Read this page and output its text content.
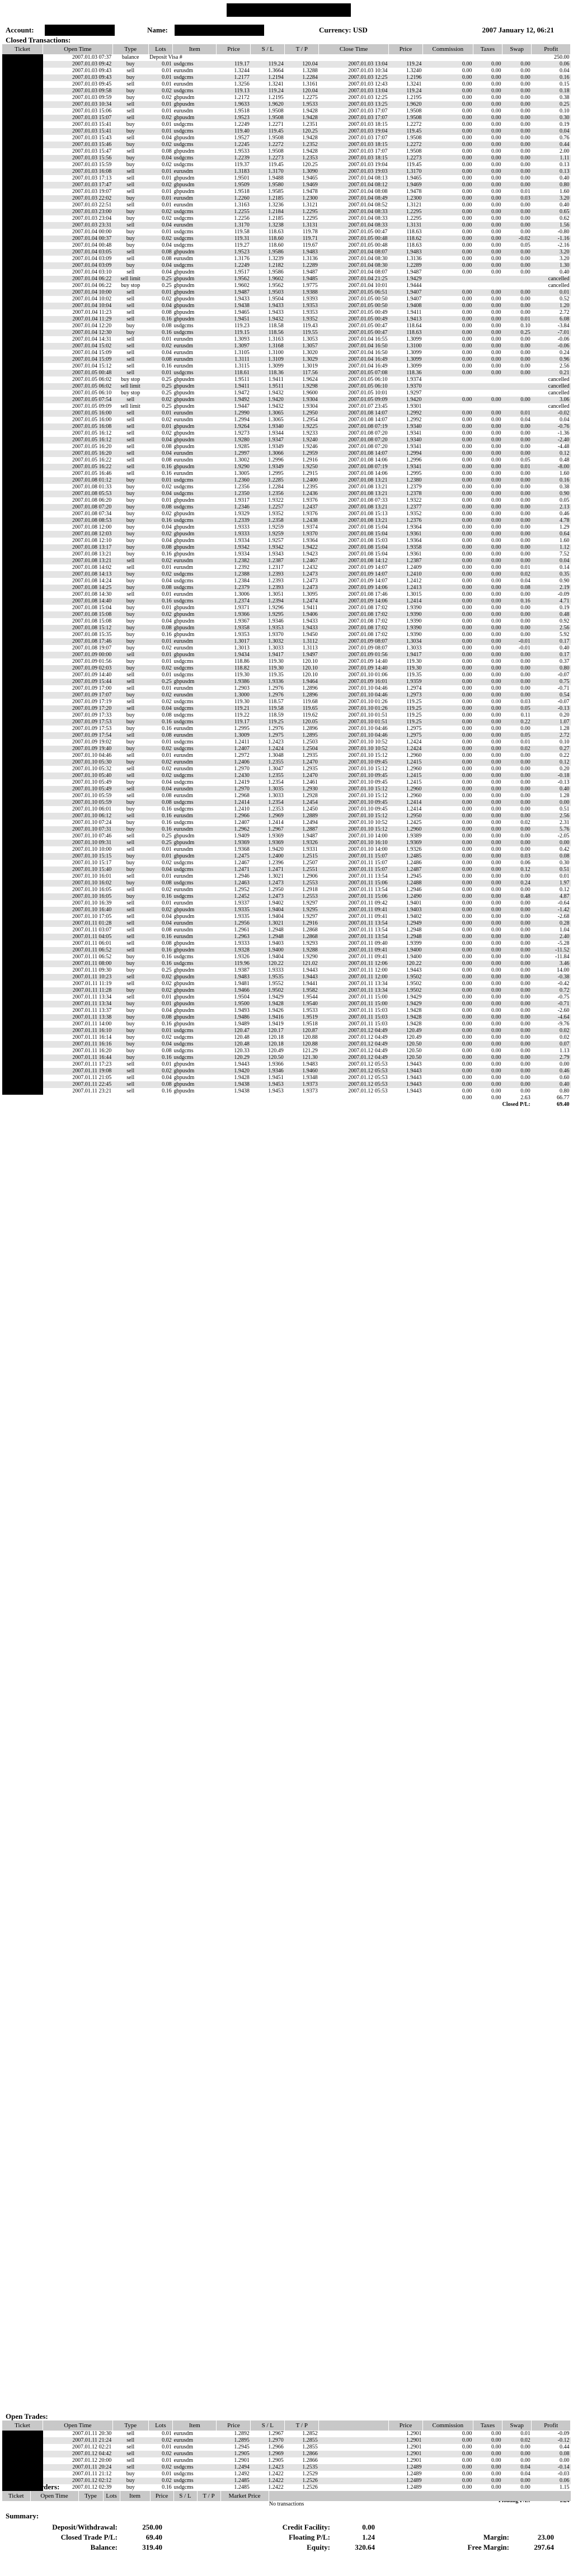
Account:	Name:	Currency: USD	2007 January 12, 06:21
Closed Transactions:
Ticket	Open Time	Type	Lots	Item	Price	S / L	T / P	Close Time	Price	Commission	Taxes	Swap	Profit
	2007.01.03 07:37	balance	Deposit Visa #										250.00
	2007.01.03 09:42	buy	0.01	usdgcms	119.17	119.24	120.04	2007.01.03 13:04	119.24	0.00	0.00	0.00	0.06
	2007.01.03 09:43	sell	0.01	eurusdm	1.3244	1.3664	1.3288	2007.01.03 10:34	1.3240	0.00	0.00	0.00	0.04
	2007.01.03 09:43	buy	0.01	usdgcms	1.2177	1.2194	1.2284	2007.01.03 12:25	1.2196	0.00	0.00	0.00	0.16
	2007.01.03 09:45	sell	0.01	eurusdm	1.3256	1.3241	1.3161	2007.01.03 12:43	1.3241	0.00	0.00	0.00	0.15
	2007.01.03 09:58	buy	0.02	usdgcms	119.13	119.24	120.04	2007.01.03 13:04	119.24	0.00	0.00	0.00	0.18
	2007.01.03 09:59	buy	0.02	gbpusdm	1.2172	1.2195	1.2275	2007.01.03 12:25	1.2195	0.00	0.00	0.00	0.38
	2007.01.03 10:34	sell	0.01	gbpusdm	1.9633	1.9620	1.9533	2007.01.03 13:25	1.9620	0.00	0.00	0.00	0.25
	2007.01.03 15:06	sell	0.01	eurusdm	1.9518	1.9508	1.9428	2007.01.03 17:07	1.9508	0.00	0.00	0.00	0.10
	2007.01.03 15:07	sell	0.02	gbpusdm	1.9523	1.9508	1.9428	2007.01.03 17:07	1.9508	0.00	0.00	0.00	0.30
	2007.01.03 15:41	buy	0.01	usdgcms	1.2249	1.2271	1.2351	2007.01.03 18:15	1.2272	0.00	0.00	0.00	0.19
	2007.01.03 15:41	buy	0.01	usdgcms	119.40	119.45	120.25	2007.01.03 19:04	119.45	0.00	0.00	0.00	0.04
	2007.01.03 15:43	sell	0.04	gbpusdm	1.9527	1.9508	1.9428	2007.01.03 17:07	1.9508	0.00	0.00	0.00	0.76
	2007.01.03 15:46	buy	0.02	usdgcms	1.2245	1.2272	1.2352	2007.01.03 18:15	1.2272	0.00	0.00	0.00	0.44
	2007.01.03 15:47	sell	0.08	gbpusdm	1.9533	1.9508	1.9428	2007.01.03 17:07	1.9508	0.00	0.00	0.00	2.00
	2007.01.03 15:56	buy	0.04	usdgcms	1.2239	1.2273	1.2353	2007.01.03 18:15	1.2273	0.00	0.00	0.00	1.11
	2007.01.03 15:59	buy	0.02	usdgcms	119.37	119.45	120.25	2007.01.03 19:04	119.45	0.00	0.00	0.00	0.13
	2007.01.03 16:08	sell	0.01	eurusdm	1.3183	1.3170	1.3090	2007.01.03 19:03	1.3170	0.00	0.00	0.00	0.13
	2007.01.03 17:13	sell	0.01	gbpusdm	1.9501	1.9488	1.9465	2007.01.04 08:13	1.9465	0.00	0.00	0.00	0.40
	2007.01.03 17:47	sell	0.02	gbpusdm	1.9509	1.9580	1.9469	2007.01.04 08:12	1.9469	0.00	0.00	0.00	0.80
	2007.01.03 19:07	sell	0.01	gbpusdm	1.9518	1.9585	1.9478	2007.01.04 08:08	1.9478	0.00	0.00	0.01	1.60
	2007.01.03 22:02	buy	0.01	eurusdm	1.2260	1.2185	1.2300	2007.01.04 08:49	1.2300	0.00	0.00	0.03	3.20
	2007.01.03 22:51	sell	0.01	eurusdm	1.3163	1.3236	1.3121	2007.01.04 08:52	1.3121	0.00	0.00	0.00	0.40
	2007.01.03 23:00	buy	0.02	usdgcms	1.2255	1.2184	1.2295	2007.01.04 08:33	1.2295	0.00	0.00	0.00	0.65
	2007.01.03 23:04	buy	0.02	usdgcms	1.2256	1.2185	1.2295	2007.01.04 08:33	1.2295	0.00	0.00	0.00	0.62
	2007.01.03 23:31	sell	0.04	eurusdm	1.3170	1.3238	1.3131	2007.01.04 08:33	1.3131	0.00	0.00	0.00	1.56
	2007.01.04 00:00	buy	0.01	usdgcms	119.58	118.63	119.78	2007.01.05 00:47	118.63	0.00	0.00	0.00	-0.80
	2007.01.04 00:37	buy	0.02	usdgcms	119.31	118.60	119.71	2007.01.05 00:48	118.62	0.00	0.00	-0.02	-1.16
	2007.01.04 00:48	buy	0.04	usdgcms	119.27	118.60	119.67	2007.01.05 00:48	118.63	0.00	0.00	0.05	-2.16
	2007.01.04 03:05	sell	0.08	gbpusdm	1.9523	1.9586	1.9483	2007.01.04 08:07	1.9483	0.00	0.00	0.00	3.20
	2007.01.04 03:09	sell	0.08	eurusdm	1.3176	1.3239	1.3136	2007.01.04 08:30	1.3136	0.00	0.00	0.00	3.20
	2007.01.04 03:09	buy	0.04	usdgcms	1.2249	1.2182	1.2289	2007.01.04 08:30	1.2289	0.00	0.00	0.00	1.30
	2007.01.04 03:10	sell	0.04	gbpusdm	1.9517	1.9586	1.9487	2007.01.04 08:07	1.9487	0.00	0.00	0.00	0.40
	2007.01.04 06:22	sell limit	0.25	gbpusdm	1.9562	1.9602	1.9485	2007.01.04 21:25	1.9429				cancelled
	2007.01.04 06:22	buy stop	0.25	gbpusdm	1.9602	1.9562	1.9775	2007.01.04 10:01	1.9444				cancelled
	2007.01.04 10:00	sell	0.01	gbpusdm	1.9487	1.9503	1.9388	2007.01.05 06:51	1.9407	0.00	0.00	0.00	0.01
	2007.01.04 10:02	sell	0.02	gbpusdm	1.9433	1.9504	1.9393	2007.01.05 00:50	1.9407	0.00	0.00	0.00	0.52
	2007.01.04 10:04	sell	0.04	gbpusdm	1.9438	1.9433	1.9353	2007.01.05 00:50	1.9408	0.00	0.00	0.00	1.20
	2007.01.04 11:23	sell	0.08	gbpusdm	1.9465	1.9433	1.9353	2007.01.05 00:49	1.9411	0.00	0.00	0.00	2.72
	2007.01.04 11:29	sell	0.16	gbpusdm	1.9451	1.9432	1.9352	2007.01.05 00:49	1.9413	0.00	0.00	0.01	6.08
	2007.01.04 12:20	buy	0.08	usdgcms	119.23	118.58	119.43	2007.01.05 00:47	118.64	0.00	0.00	0.10	-3.84
	2007.01.04 12:30	buy	0.16	usdgcms	119.15	118.56	119.55	2007.01.05 00:47	118.63	0.00	0.00	0.25	-7.01
	2007.01.04 14:31	sell	0.01	eurusdm	1.3093	1.3163	1.3053	2007.01.04 16:55	1.3099	0.00	0.00	0.00	-0.06
	2007.01.04 15:02	sell	0.02	eurusdm	1.3097	1.3168	1.3057	2007.01.04 16:50	1.3100	0.00	0.00	0.00	-0.06
	2007.01.04 15:09	sell	0.04	eurusdm	1.3105	1.3100	1.3020	2007.01.04 16:50	1.3099	0.00	0.00	0.00	0.24
	2007.01.04 15:09	sell	0.08	eurusdm	1.3111	1.3109	1.3029	2007.01.04 16:49	1.3099	0.00	0.00	0.00	0.96
	2007.01.04 15:12	sell	0.16	eurusdm	1.3115	1.3099	1.3019	2007.01.04 16:49	1.3099	0.00	0.00	0.00	2.56
	2007.01.05 00:48	sell	0.01	usdgcms	118.61	118.36	117.56	2007.01.05 07:08	118.36	0.00	0.00	0.00	0.21
	2007.01.05 06:02	buy stop	0.25	gbpusdm	1.9511	1.9411	1.9624	2007.01.05 06:10	1.9374				cancelled
	2007.01.05 06:02	sell limit	0.25	gbpusdm	1.9411	1.9511	1.9298	2007.01.05 06:10	1.9370				cancelled
	2007.01.05 06:10	buy stop	0.25	gbpusdm	1.9472	1.9432	1.9600	2007.01.05 10:01	1.9297				cancelled
	2007.01.05 07:54	sell	0.02	gbpusdm	1.9492	1.9420	1.9304	2007.01.05 09:09	1.9420	0.00	0.00	0.00	3.06
	2007.01.05 09:09	sell limit	0.25	gbpusdm	1.9447	1.9432	1.9304	2007.01.07 23:45	1.9301				cancelled
	2007.01.05 16:00	sell	0.01	eurusdm	1.2990	1.3065	1.2950	2007.01.08 14:07	1.2992	0.00	0.00	0.01	-0.02
	2007.01.05 16:00	sell	0.02	eurusdm	1.2994	1.3065	1.2954	2007.01.08 14:07	1.2992	0.00	0.00	0.04	0.04
	2007.01.05 16:08	sell	0.01	gbpusdm	1.9264	1.9340	1.9225	2007.01.08 07:19	1.9340	0.00	0.00	0.00	-0.76
	2007.01.05 16:12	sell	0.02	gbpusdm	1.9273	1.9344	1.9233	2007.01.08 07:20	1.9341	0.00	0.00	0.00	-1.36
	2007.01.05 16:12	sell	0.04	gbpusdm	1.9280	1.9347	1.9240	2007.01.08 07:20	1.9340	0.00	0.00	0.00	-2.40
	2007.01.05 16:20	sell	0.08	gbpusdm	1.9285	1.9349	1.9246	2007.01.08 07:20	1.9341	0.00	0.00	0.00	-4.48
	2007.01.05 16:20	sell	0.04	eurusdm	1.2997	1.3066	1.2959	2007.01.08 14:07	1.2994	0.00	0.00	0.00	0.12
	2007.01.05 16:22	sell	0.08	eurusdm	1.3002	1.2996	1.2916	2007.01.08 14:06	1.2996	0.00	0.00	0.05	0.48
	2007.01.05 16:22	sell	0.16	gbpusdm	1.9290	1.9349	1.9250	2007.01.08 07:19	1.9341	0.00	0.00	0.01	-8.00
	2007.01.05 16:46	sell	0.16	eurusdm	1.3005	1.2995	1.2915	2007.01.08 14:06	1.2995	0.00	0.00	0.00	1.60
	2007.01.08 01:12	buy	0.01	usdgcms	1.2360	1.2285	1.2400	2007.01.08 13:21	1.2380	0.00	0.00	0.00	0.16
	2007.01.08 01:33	buy	0.02	usdgcms	1.2356	1.2284	1.2395	2007.01.08 13:21	1.2379	0.00	0.00	0.00	0.38
	2007.01.08 05:53	buy	0.04	usdgcms	1.2350	1.2356	1.2436	2007.01.08 13:21	1.2378	0.00	0.00	0.00	0.90
	2007.01.08 06:20	buy	0.01	gbpusdm	1.9317	1.9322	1.9376	2007.01.08 07:33	1.9322	0.00	0.00	0.00	0.05
	2007.01.08 07:20	buy	0.08	usdgcms	1.2346	1.2257	1.2437	2007.01.08 13:21	1.2377	0.00	0.00	0.00	2.13
	2007.01.08 07:34	buy	0.02	gbpusdm	1.9329	1.9352	1.9376	2007.01.08 15:13	1.9352	0.00	0.00	0.00	0.46
	2007.01.08 08:53	buy	0.16	usdgcms	1.2339	1.2358	1.2438	2007.01.08 13:21	1.2376	0.00	0.00	0.00	4.78
	2007.01.08 12:00	buy	0.04	gbpusdm	1.9333	1.9259	1.9374	2007.01.08 15:04	1.9364	0.00	0.00	0.00	1.29
	2007.01.08 12:03	buy	0.02	gbpusdm	1.9333	1.9259	1.9370	2007.01.08 15:04	1.9361	0.00	0.00	0.00	0.64
	2007.01.08 12:10	buy	0.04	gbpusdm	1.9334	1.9257	1.9364	2007.01.08 15:03	1.9364	0.00	0.00	0.00	1.60
	2007.01.08 13:17	buy	0.08	gbpusdm	1.9342	1.9342	1.9422	2007.01.08 15:04	1.9358	0.00	0.00	0.00	1.12
	2007.01.08 13:21	buy	0.16	gbpusdm	1.9334	1.9343	1.9423	2007.01.08 15:04	1.9361	0.00	0.00	0.00	7.52
	2007.01.08 13:21	sell	0.02	eurusdm	1.2382	1.2387	1.2467	2007.01.08 14:12	1.2387	0.00	0.00	0.00	0.04
	2007.01.08 14:02	sell	0.01	eurusdm	1.2392	1.2317	1.2432	2007.01.09 14:07	1.2409	0.00	0.00	0.01	0.14
	2007.01.08 14:13	buy	0.02	usdgcms	1.2388	1.2393	1.2473	2007.01.09 14:07	1.2410	0.00	0.00	0.02	0.35
	2007.01.08 14:24	buy	0.04	usdgcms	1.2384	1.2393	1.2473	2007.01.09 14:07	1.2412	0.00	0.00	0.04	0.90
	2007.01.08 14:25	buy	0.08	usdgcms	1.2379	1.2393	1.2473	2007.01.09 14:06	1.2413	0.00	0.00	0.08	2.19
	2007.01.08 14:30	sell	0.01	eurusdm	1.3006	1.3051	1.3095	2007.01.08 17:46	1.3015	0.00	0.00	0.00	-0.09
	2007.01.08 14:40	buy	0.16	usdgcms	1.2374	1.2394	1.2474	2007.01.09 14:06	1.2414	0.00	0.00	0.16	4.71
	2007.01.08 15:04	buy	0.01	gbpusdm	1.9371	1.9296	1.9411	2007.01.08 17:02	1.9390	0.00	0.00	0.00	0.19
	2007.01.08 15:08	buy	0.02	gbpusdm	1.9366	1.9295	1.9406	2007.01.08 17:02	1.9390	0.00	0.00	0.00	0.48
	2007.01.08 15:08	buy	0.04	gbpusdm	1.9367	1.9346	1.9433	2007.01.08 17:02	1.9390	0.00	0.00	0.00	0.92
	2007.01.08 15:12	buy	0.08	gbpusdm	1.9358	1.9353	1.9433	2007.01.08 17:02	1.9390	0.00	0.00	0.00	2.56
	2007.01.08 15:35	buy	0.16	gbpusdm	1.9353	1.9370	1.9450	2007.01.08 17:02	1.9390	0.00	0.00	0.00	5.92
	2007.01.08 17:46	buy	0.01	eurusdm	1.3017	1.3032	1.3112	2007.01.09 08:07	1.3034	0.00	0.00	-0.01	0.17
	2007.01.08 19:07	buy	0.02	eurusdm	1.3013	1.3033	1.3113	2007.01.09 08:07	1.3033	0.00	0.00	-0.01	0.40
	2007.01.09 00:00	sell	0.01	gbpusdm	1.9434	1.9417	1.9497	2007.01.09 01:56	1.9417	0.00	0.00	0.00	0.17
	2007.01.09 01:56	buy	0.01	usdgcms	118.86	119.30	120.10	2007.01.09 14:40	119.30	0.00	0.00	0.00	0.37
	2007.01.09 02:03	buy	0.02	usdgcms	118.82	119.30	120.10	2007.01.09 14:40	119.30	0.00	0.00	0.00	0.80
	2007.01.09 14:40	sell	0.01	usdgcms	119.30	119.35	120.10	2007.01.10 01:06	119.35	0.00	0.00	0.00	-0.07
	2007.01.09 15:44	sell	0.25	gbpusdm	1.9386	1.9336	1.9464	2007.01.09 16:01	1.9359	0.00	0.00	0.00	0.75
	2007.01.09 17:00	sell	0.01	eurusdm	1.2903	1.2976	1.2896	2007.01.10 04:46	1.2974	0.00	0.00	0.00	-0.71
	2007.01.09 17:07	buy	0.02	eurusdm	1.3000	1.2976	1.2896	2007.01.10 04:46	1.2973	0.00	0.00	0.00	0.54
	2007.01.09 17:19	sell	0.02	usdgcms	119.30	118.57	119.68	2007.01.10 01:26	119.25	0.00	0.00	0.03	-0.07
	2007.01.09 17:20	sell	0.04	usdgcms	119.21	119.58	119.65	2007.01.10 01:26	119.25	0.00	0.00	0.05	-0.13
	2007.01.09 17:33	buy	0.08	usdgcms	119.22	118.59	119.62	2007.01.10 01:51	119.25	0.00	0.00	0.11	0.20
	2007.01.09 17:53	buy	0.16	usdgcms	119.17	119.25	120.05	2007.01.10 01:51	119.25	0.00	0.00	0.22	1.07
	2007.01.09 17:53	buy	0.16	eurusdm	1.2995	1.2976	1.2896	2007.01.10 04:46	1.2975	0.00	0.00	0.00	1.28
	2007.01.09 17:54	sell	0.08	eurusdm	1.3009	1.2975	1.2895	2007.01.10 04:46	1.2975	0.00	0.00	0.05	2.72
	2007.01.09 19:02	buy	0.01	usdgcms	1.2411	1.2423	1.2503	2007.01.10 10:52	1.2424	0.00	0.00	0.01	0.10
	2007.01.09 19:40	buy	0.02	usdgcms	1.2407	1.2424	1.2504	2007.01.10 10:52	1.2424	0.00	0.00	0.02	0.27
	2007.01.10 04:46	sell	0.01	eurusdm	1.2972	1.3048	1.2935	2007.01.10 15:12	1.2960	0.00	0.00	0.00	0.22
	2007.01.10 05:30	buy	0.02	eurusdm	1.2406	1.2355	1.2470	2007.01.10 09:45	1.2415	0.00	0.00	0.00	0.12
	2007.01.10 05:32	sell	0.02	eurusdm	1.2970	1.3047	1.2935	2007.01.10 15:12	1.2960	0.00	0.00	0.00	0.20
	2007.01.10 05:40	sell	0.02	usdgcms	1.2430	1.2355	1.2470	2007.01.10 09:45	1.2415	0.00	0.00	0.00	-0.18
	2007.01.10 05:49	buy	0.04	usdgcms	1.2419	1.2354	1.2461	2007.01.10 09:45	1.2415	0.00	0.00	0.00	-0.13
	2007.01.10 05:49	sell	0.04	eurusdm	1.2970	1.3035	1.2930	2007.01.10 15:12	1.2960	0.00	0.00	0.00	0.40
	2007.01.10 05:59	sell	0.08	eurusdm	1.2968	1.3033	1.2928	2007.01.10 15:12	1.2960	0.00	0.00	0.00	1.28
	2007.01.10 05:59	buy	0.08	usdgcms	1.2414	1.2354	1.2454	2007.01.10 09:45	1.2414	0.00	0.00	0.00	0.00
	2007.01.10 06:01	buy	0.16	usdgcms	1.2410	1.2353	1.2450	2007.01.10 09:45	1.2414	0.00	0.00	0.00	0.51
	2007.01.10 06:12	sell	0.16	eurusdm	1.2966	1.2969	1.2889	2007.01.10 15:12	1.2950	0.00	0.00	0.00	2.56
	2007.01.10 07:24	buy	0.16	usdgcms	1.2407	1.2414	1.2494	2007.01.10 10:52	1.2425	0.00	0.00	0.02	2.31
	2007.01.10 07:31	buy	0.16	eurusdm	1.2962	1.2967	1.2887	2007.01.10 15:12	1.2960	0.00	0.00	0.00	5.76
	2007.01.10 07:46	sell	0.25	gbpusdm	1.9409	1.9369	1.9487	2007.01.10 14:00	1.9389	0.00	0.00	0.00	-2.05
	2007.01.10 09:31	sell	0.25	gbpusdm	1.9369	1.9369	1.9326	2007.01.10 16:10	1.9369	0.00	0.00	0.00	0.00
	2007.01.10 10:00	sell	0.01	eurusdm	1.9368	1.9420	1.9331	2007.01.10 14:00	1.9326	0.00	0.00	0.00	0.42
	2007.01.10 15:15	buy	0.01	gbpusdm	1.2475	1.2400	1.2515	2007.01.11 15:07	1.2485	0.00	0.00	0.03	0.08
	2007.01.10 15:17	buy	0.02	usdgcms	1.2467	1.2396	1.2507	2007.01.11 15:07	1.2486	0.00	0.00	0.06	0.30
	2007.01.10 15:40	buy	0.04	usdgcms	1.2471	1.2471	1.2551	2007.01.11 15:07	1.2487	0.00	0.00	0.12	0.51
	2007.01.10 16:01	sell	0.01	eurusdm	1.2946	1.3021	1.2906	2007.01.11 13:54	1.2945	0.00	0.00	0.00	0.01
	2007.01.10 16:02	buy	0.08	usdgcms	1.2463	1.2473	1.2553	2007.01.11 15:06	1.2488	0.00	0.00	0.24	1.97
	2007.01.10 16:05	sell	0.02	eurusdm	1.2952	1.2950	1.2918	2007.01.11 13:54	1.2946	0.00	0.00	0.00	0.12
	2007.01.10 16:05	buy	0.16	usdgcms	1.2452	1.2473	1.2553	2007.01.11 15:06	1.2490	0.00	0.00	0.48	4.87
	2007.01.10 16:39	sell	0.01	eurusdm	1.9337	1.9402	1.9297	2007.01.11 09:42	1.9401	0.00	0.00	0.00	-0.64
	2007.01.10 16:40	sell	0.02	gbpusdm	1.9335	1.9404	1.9295	2007.01.11 09:41	1.9403	0.00	0.00	0.00	-1.42
	2007.01.10 17:05	sell	0.04	gbpusdm	1.9335	1.9404	1.9297	2007.01.11 09:41	1.9402	0.00	0.00	0.00	-2.68
	2007.01.11 01:28	sell	0.04	eurusdm	1.2956	1.3021	1.2916	2007.01.11 13:54	1.2949	0.00	0.00	0.00	0.28
	2007.01.11 03:07	sell	0.08	eurusdm	1.2961	1.2948	1.2868	2007.01.11 13:54	1.2948	0.00	0.00	0.00	1.04
	2007.01.11 04:05	sell	0.16	eurusdm	1.2963	1.2948	1.2868	2007.01.11 13:54	1.2948	0.00	0.00	0.00	2.40
	2007.01.11 06:01	sell	0.08	gbpusdm	1.9333	1.9403	1.9293	2007.01.11 09:40	1.9399	0.00	0.00	0.00	-5.28
	2007.01.11 06:52	sell	0.16	gbpusdm	1.9328	1.9400	1.9288	2007.01.11 09:41	1.9400	0.00	0.00	0.00	-11.52
	2007.01.11 06:52	buy	0.16	usdgcms	1.9326	1.9404	1.9290	2007.01.11 09:41	1.9400	0.00	0.00	0.00	-11.84
	2007.01.11 08:00	buy	0.16	usdgcms	119.96	120.22	121.02	2007.01.11 12:06	120.22	0.00	0.00	0.00	3.46
	2007.01.11 09:30	buy	0.25	gbpusdm	1.9387	1.9333	1.9443	2007.01.11 12:00	1.9443	0.00	0.00	0.00	14.00
	2007.01.11 10:23	sell	0.02	gbpusdm	1.9483	1.9535	1.9443	2007.01.11 12:00	1.9502	0.00	0.00	0.00	-0.38
	2007.01.11 11:19	sell	0.02	gbpusdm	1.9481	1.9552	1.9441	2007.01.11 13:34	1.9502	0.00	0.00	0.00	-0.42
	2007.01.11 11:28	buy	0.02	gbpusdm	1.9466	1.9502	1.9582	2007.01.11 13:34	1.9502	0.00	0.00	0.00	0.72
	2007.01.11 13:34	sell	0.01	gbpusdm	1.9504	1.9429	1.9544	2007.01.11 15:00	1.9429	0.00	0.00	0.00	-0.75
	2007.01.11 13:34	buy	0.01	gbpusdm	1.9500	1.9428	1.9540	2007.01.11 15:00	1.9429	0.00	0.00	0.00	-0.71
	2007.01.11 13:37	buy	0.04	gbpusdm	1.9493	1.9426	1.9533	2007.01.11 15:03	1.9428	0.00	0.00	0.00	-2.60
	2007.01.11 13:38	buy	0.08	gbpusdm	1.9486	1.9416	1.9519	2007.01.11 15:03	1.9428	0.00	0.00	0.00	-4.64
	2007.01.11 14:00	buy	0.16	gbpusdm	1.9489	1.9419	1.9518	2007.01.11 15:03	1.9428	0.00	0.00	0.00	-9.76
	2007.01.11 16:10	buy	0.01	usdgcms	120.47	120.17	120.87	2007.01.12 04:49	120.49	0.00	0.00	0.00	0.02
	2007.01.11 16:14	buy	0.02	usdgcms	120.48	120.18	120.88	2007.01.12 04:49	120.49	0.00	0.00	0.00	0.02
	2007.01.11 16:16	buy	0.04	usdgcms	120.48	120.18	120.88	2007.01.12 04:49	120.50	0.00	0.00	0.00	0.07
	2007.01.11 16:20	buy	0.08	usdgcms	120.33	120.49	121.29	2007.01.12 04:49	120.50	0.00	0.00	0.00	1.13
	2007.01.11 16:44	buy	0.16	usdgcms	120.29	120.50	121.30	2007.01.12 04:49	120.50	0.00	0.00	0.00	2.79
	2007.01.11 17:23	sell	0.01	gbpusdm	1.9443	1.9366	1.9483	2007.01.12 05:53	1.9443	0.00	0.00	0.00	0.00
	2007.01.11 19:08	sell	0.02	gbpusdm	1.9420	1.9346	1.9460	2007.01.12 05:53	1.9443	0.00	0.00	0.00	0.46
	2007.01.11 21:05	sell	0.04	gbpusdm	1.9428	1.9451	1.9348	2007.01.12 05:53	1.9443	0.00	0.00	0.00	0.60
	2007.01.11 22:45	sell	0.08	gbpusdm	1.9438	1.9453	1.9373	2007.01.12 05:53	1.9443	0.00	0.00	0.00	0.40
	2007.01.11 23:21	sell	0.16	gbpusdm	1.9438	1.9453	1.9373	2007.01.12 05:53	1.9443	0.00	0.00	0.00	0.80
										0.00	0.00	2.63	66.77
										Closed P/L:			69.40
Open Trades:
Ticket	Open Time	Type	Lots	Item	Price	S / L	T / P		Price	Commission	Taxes	Swap	Profit
	2007.01.11 20:30	sell	0.01	eurusdm	1.2892	1.2967	1.2852		1.2901	0.00	0.00	0.01	-0.09
	2007.01.11 21:24	sell	0.02	eurusdm	1.2895	1.2970	1.2855		1.2901	0.00	0.00	0.02	-0.12
	2007.01.12 02:21	sell	0.01	eurusdm	1.2945	1.2966	1.2855		1.2901	0.00	0.00	0.00	0.44
	2007.01.12 04:42	sell	0.02	eurusdm	1.2905	1.2969	1.2866		1.2901	0.00	0.00	0.00	0.08
	2007.01.12 20:00	sell	0.01	eurusdm	1.2901	1.2905	1.2866		1.2901	0.00	0.00	0.00	0.00
	2007.01.11 20:24	sell	0.02	usdgcms	1.2494	1.2423	1.2535		1.2489	0.00	0.00	0.04	-0.14
	2007.01.11 21:12	buy	0.01	usdgcms	1.2492	1.2422	1.2529		1.2489	0.00	0.00	0.04	-0.03
	2007.01.12 02:12	buy	0.02	usdgcms	1.2485	1.2422	1.2526		1.2489	0.00	0.00	0.00	0.06
	2007.01.12 02:39	buy	0.16	usdgcms	1.2485	1.2422	1.2526		1.2489	0.00	0.00	0.00	1.15

Working Orders:
Ticket	Open Time	Type	Lots	Item	Price	S / L	T / P	Market Price	
No transactions
Summary:
Deposit/Withdrawal:	250.00	Credit Facility:	0.00
Closed Trade P/L:	69.40	Floating P/L:	1.24	Margin:	23.00
Balance:	319.40	Equity:	320.64	Free Margin:	297.64
